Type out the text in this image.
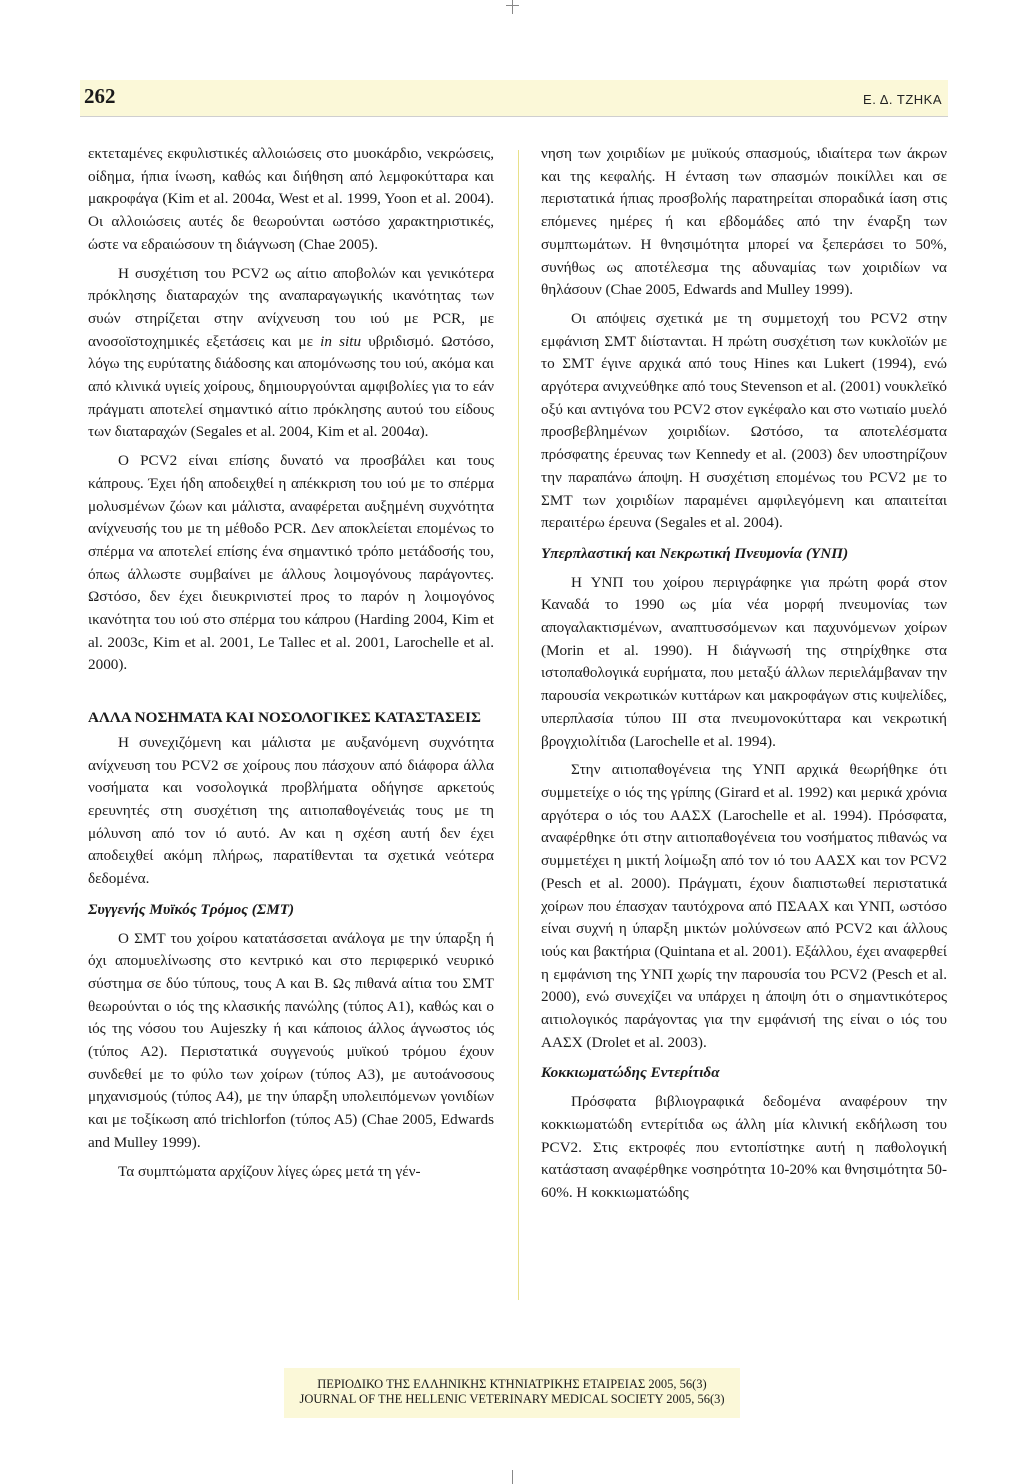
262	Ε. Δ. ΤΖΗΚΑ

εκτεταμένες εκφυλιστικές αλλοιώσεις στο μυοκάρδιο, νεκρώσεις, οίδημα, ήπια ίνωση, καθώς και διήθηση από λεμφοκύτταρα και μακροφάγα (Kim et al. 2004α, West et al. 1999, Yoon et al. 2004). Οι αλλοιώσεις αυτές δε θεωρούνται ωστόσο χαρακτηριστικές, ώστε να εδραιώσουν τη διάγνωση (Chae 2005).

Η συσχέτιση του PCV2 ως αίτιο αποβολών και γενικότερα πρόκλησης διαταραχών της αναπαραγωγικής ικανότητας των συών στηρίζεται στην ανίχνευση του ιού με PCR, με ανοσοϊστοχημικές εξετάσεις και με in situ υβριδισμό. Ωστόσο, λόγω της ευρύτατης διάδοσης και απομόνωσης του ιού, ακόμα και από κλινικά υγιείς χοίρους, δημιουργούνται αμφιβολίες για το εάν πράγματι αποτελεί σημαντικό αίτιο πρόκλησης αυτού του είδους των διαταραχών (Segales et al. 2004, Kim et al. 2004α).

Ο PCV2 είναι επίσης δυνατό να προσβάλει και τους κάπρους. Έχει ήδη αποδειχθεί η απέκκριση του ιού με το σπέρμα μολυσμένων ζώων και μάλιστα, αναφέρεται αυξημένη συχνότητα ανίχνευσής του με τη μέθοδο PCR. Δεν αποκλείεται επομένως το σπέρμα να αποτελεί επίσης ένα σημαντικό τρόπο μετάδοσής του, όπως άλλωστε συμβαίνει με άλλους λοιμογόνους παράγοντες. Ωστόσο, δεν έχει διευκρινιστεί προς το παρόν η λοιμογόνος ικανότητα του ιού στο σπέρμα του κάπρου (Harding 2004, Kim et al. 2003c, Kim et al. 2001, Le Tallec et al. 2001, Larochelle et al. 2000).

ΑΛΛΑ ΝΟΣΗΜΑΤΑ ΚΑΙ ΝΟΣΟΛΟΓΙΚΕΣ ΚΑΤΑΣΤΑΣΕΙΣ

Η συνεχιζόμενη και μάλιστα με αυξανόμενη συχνότητα ανίχνευση του PCV2 σε χοίρους που πάσχουν από διάφορα άλλα νοσήματα και νοσολογικά προβλήματα οδήγησε αρκετούς ερευνητές στη συσχέτιση της αιτιοπαθογένειάς τους με τη μόλυνση από τον ιό αυτό. Αν και η σχέση αυτή δεν έχει αποδειχθεί ακόμη πλήρως, παρατίθενται τα σχετικά νεότερα δεδομένα.

Συγγενής Μυϊκός Τρόμος (ΣΜΤ)

Ο ΣΜΤ του χοίρου κατατάσσεται ανάλογα με την ύπαρξη ή όχι απομυελίνωσης στο κεντρικό και στο περιφερικό νευρικό σύστημα σε δύο τύπους, τους Α και Β. Ως πιθανά αίτια του ΣΜΤ θεωρούνται ο ιός της κλασικής πανώλης (τύπος Α1), καθώς και ο ιός της νόσου του Aujeszky ή και κάποιος άλλος άγνωστος ιός (τύπος Α2). Περιστατικά συγγενούς μυϊκού τρόμου έχουν συνδεθεί με το φύλο των χοίρων (τύπος Α3), με αυτοάνοσους μηχανισμούς (τύπος Α4), με την ύπαρξη υπολειπόμενων γονιδίων και με τοξίκωση από trichlorfon (τύπος Α5) (Chae 2005, Edwards and Mulley 1999).

Τα συμπτώματα αρχίζουν λίγες ώρες μετά τη γέν-

νηση των χοιριδίων με μυϊκούς σπασμούς, ιδιαίτερα των άκρων και της κεφαλής. Η ένταση των σπασμών ποικίλλει και σε περιστατικά ήπιας προσβολής παρατηρείται σποραδικά ίαση στις επόμενες ημέρες ή και εβδομάδες από την έναρξη των συμπτωμάτων. Η θνησιμότητα μπορεί να ξεπεράσει το 50%, συνήθως ως αποτέλεσμα της αδυναμίας των χοιριδίων να θηλάσουν (Chae 2005, Edwards and Mulley 1999).

Οι απόψεις σχετικά με τη συμμετοχή του PCV2 στην εμφάνιση ΣΜΤ διίστανται. Η πρώτη συσχέτιση των κυκλοϊών με το ΣΜΤ έγινε αρχικά από τους Hines και Lukert (1994), ενώ αργότερα ανιχνεύθηκε από τους Stevenson et al. (2001) νουκλεϊκό οξύ και αντιγόνα του PCV2 στον εγκέφαλο και στο νωτιαίο μυελό προσβεβλημένων χοιριδίων. Ωστόσο, τα αποτελέσματα πρόσφατης έρευνας των Kennedy et al. (2003) δεν υποστηρίζουν την παραπάνω άποψη. Η συσχέτιση επομένως του PCV2 με το ΣΜΤ των χοιριδίων παραμένει αμφιλεγόμενη και απαιτείται περαιτέρω έρευνα (Segales et al. 2004).

Υπερπλαστική και Νεκρωτική Πνευμονία (ΥΝΠ)

Η ΥΝΠ του χοίρου περιγράφηκε για πρώτη φορά στον Καναδά το 1990 ως μία νέα μορφή πνευμονίας των απογαλακτισμένων, αναπτυσσόμενων και παχυνόμενων χοίρων (Morin et al. 1990). Η διάγνωσή της στηρίχθηκε στα ιστοπαθολογικά ευρήματα, που μεταξύ άλλων περιελάμβαναν την παρουσία νεκρωτικών κυττάρων και μακροφάγων στις κυψελίδες, υπερπλασία τύπου ΙΙΙ στα πνευμονοκύτταρα και νεκρωτική βρογχιολίτιδα (Larochelle et al. 1994).

Στην αιτιοπαθογένεια της ΥΝΠ αρχικά θεωρήθηκε ότι συμμετείχε ο ιός της γρίπης (Girard et al. 1992) και μερικά χρόνια αργότερα ο ιός του ΑΑΣΧ (Larochelle et al. 1994). Πρόσφατα, αναφέρθηκε ότι στην αιτιοπαθογένεια του νοσήματος πιθανώς να συμμετέχει η μικτή λοίμωξη από τον ιό του ΑΑΣΧ και τον PCV2 (Pesch et al. 2000). Πράγματι, έχουν διαπιστωθεί περιστατικά χοίρων που έπασχαν ταυτόχρονα από ΠΣΑΑΧ και ΥΝΠ, ωστόσο είναι συχνή η ύπαρξη μικτών μολύνσεων από PCV2 και άλλους ιούς και βακτήρια (Quintana et al. 2001). Εξάλλου, έχει αναφερθεί η εμφάνιση της ΥΝΠ χωρίς την παρουσία του PCV2 (Pesch et al. 2000), ενώ συνεχίζει να υπάρχει η άποψη ότι ο σημαντικότερος αιτιολογικός παράγοντας για την εμφάνισή της είναι ο ιός του ΑΑΣΧ (Drolet et al. 2003).

Κοκκιωματώδης Εντερίτιδα

Πρόσφατα βιβλιογραφικά δεδομένα αναφέρουν την κοκκιωματώδη εντερίτιδα ως άλλη μία κλινική εκδήλωση του PCV2. Στις εκτροφές που εντοπίστηκε αυτή η παθολογική κατάσταση αναφέρθηκε νοσηρότητα 10-20% και θνησιμότητα 50-60%. Η κοκκιωματώδης

ΠΕΡΙΟΔΙΚΟ ΤΗΣ ΕΛΛΗΝΙΚΗΣ ΚΤΗΝΙΑΤΡΙΚΗΣ ΕΤΑΙΡΕΙΑΣ 2005, 56(3)
JOURNAL OF THE HELLENIC VETERINARY MEDICAL SOCIETY 2005, 56(3)
